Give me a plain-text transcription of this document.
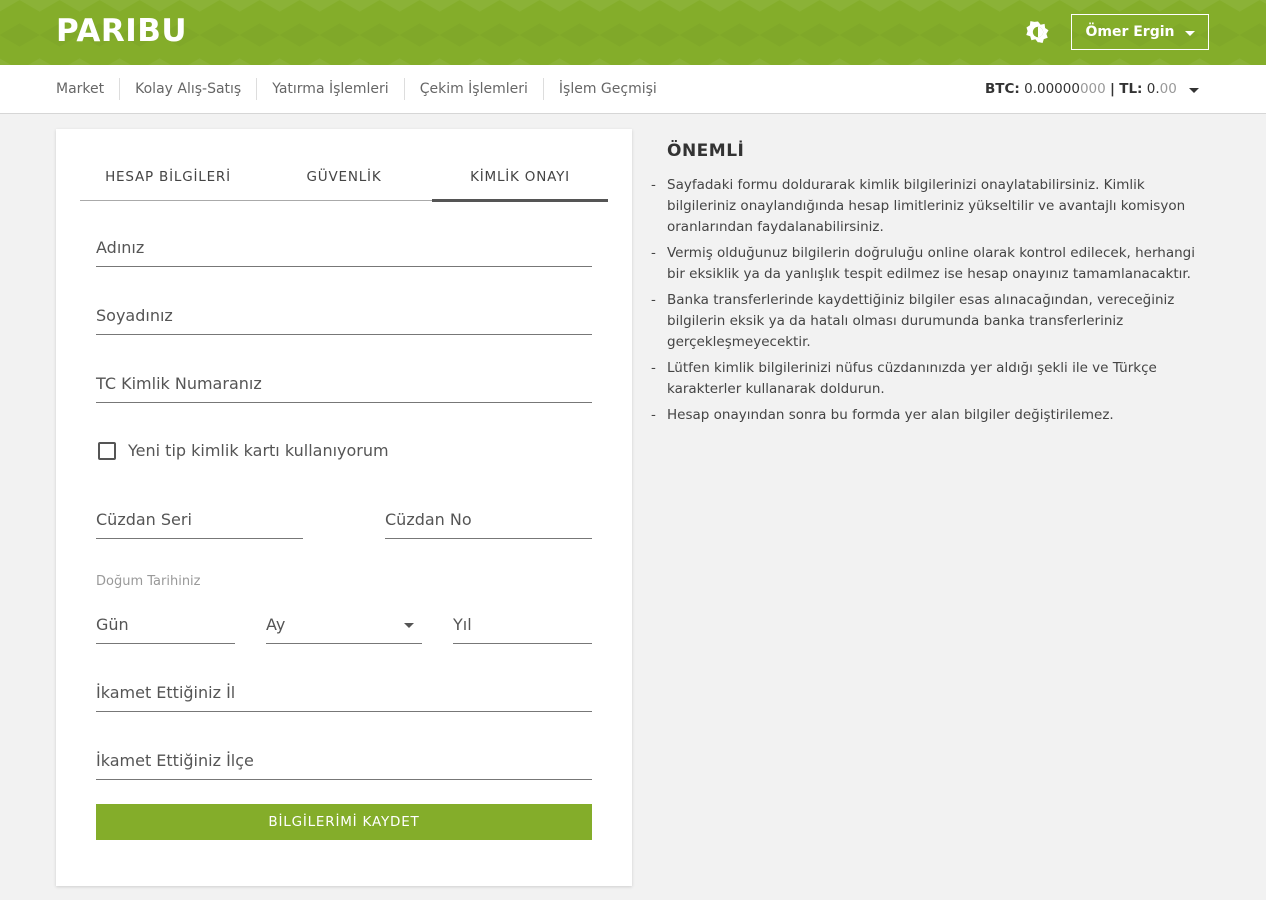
PARIBU	Ömer Ergin
Market	Kolay Alış-Satış	Yatırma İşlemleri	Çekim İşlemleri	İşlem Geçmişi	BTC:
0.00000 000
|
TL:
0. 00
HESAP BİLGİLERİ	GÜVENLİK	KİMLİK ONAYI
Adınız
Soyadınız
TC Kimlik Numaranız
Yeni tip kimlik kartı kullanıyorum
Cüzdan Seri	Cüzdan No
Doğum Tarihiniz
Gün	Ay	Yıl
İkamet Ettiğiniz İl
İkamet Ettiğiniz İlçe
BİLGİLERİMİ KAYDET
ÖNEMLİ
- Sayfadaki formu doldurarak kimlik bilgilerinizi onaylatabilirsiniz. Kimlik bilgileriniz onaylandığında hesap limitleriniz yükseltilir ve avantajlı komisyon oranlarından faydalanabilirsiniz.
- Vermiş olduğunuz bilgilerin doğruluğu online olarak kontrol edilecek, herhangi bir eksiklik ya da yanlışlık tespit edilmez ise hesap onayınız tamamlanacaktır.
- Banka transferlerinde kaydettiğiniz bilgiler esas alınacağından, vereceğiniz bilgilerin eksik ya da hatalı olması durumunda banka transferleriniz gerçekleşmeyecektir.
- Lütfen kimlik bilgilerinizi nüfus cüzdanınızda yer aldığı şekli ile ve Türkçe karakterler kullanarak doldurun.
- Hesap onayından sonra bu formda yer alan bilgiler değiştirilemez.
